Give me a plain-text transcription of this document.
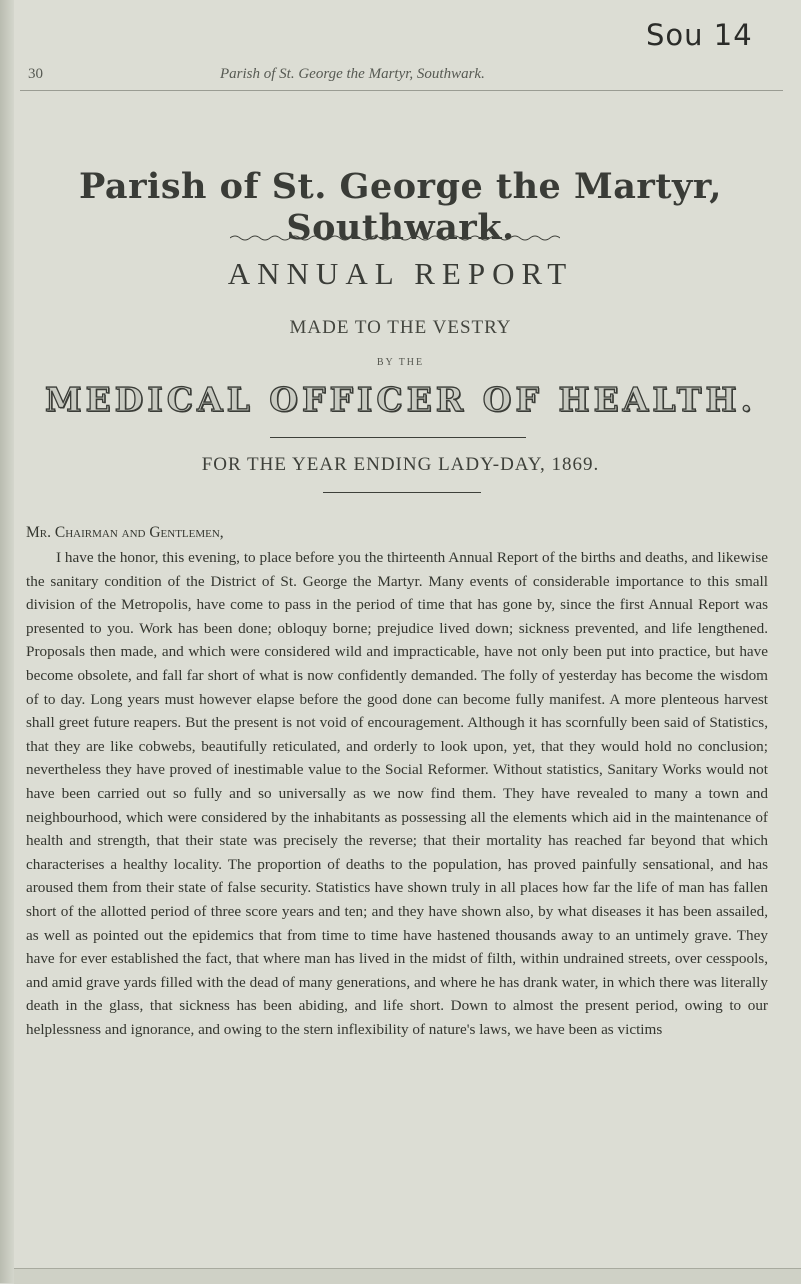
Sou 14
30	Parish of St. George the Martyr, Southwark.
Parish of St. George the Martyr, Southwark.
ANNUAL REPORT
MADE TO THE VESTRY
BY THE
MEDICAL OFFICER OF HEALTH.
FOR THE YEAR ENDING LADY-DAY, 1869.
Mr. Chairman and Gentlemen,

I have the honor, this evening, to place before you the thirteenth Annual Report of the births and deaths, and likewise the sanitary condition of the District of St. George the Martyr. Many events of considerable importance to this small division of the Metropolis, have come to pass in the period of time that has gone by, since the first Annual Report was presented to you. Work has been done; obloquy borne; prejudice lived down; sickness prevented, and life lengthened. Proposals then made, and which were considered wild and impracticable, have not only been put into practice, but have become obsolete, and fall far short of what is now confidently demanded. The folly of yesterday has become the wisdom of to day. Long years must however elapse before the good done can become fully manifest. A more plenteous harvest shall greet future reapers. But the present is not void of encouragement. Although it has scornfully been said of Statistics, that they are like cobwebs, beautifully reticulated, and orderly to look upon, yet, that they would hold no conclusion; nevertheless they have proved of inestimable value to the Social Reformer. Without statistics, Sanitary Works would not have been carried out so fully and so universally as we now find them. They have revealed to many a town and neighbourhood, which were considered by the inhabitants as possessing all the elements which aid in the maintenance of health and strength, that their state was precisely the reverse; that their mortality has reached far beyond that which characterises a healthy locality. The proportion of deaths to the population, has proved painfully sensational, and has aroused them from their state of false security. Statistics have shown truly in all places how far the life of man has fallen short of the allotted period of three score years and ten; and they have shown also, by what diseases it has been assailed, as well as pointed out the epidemics that from time to time have hastened thousands away to an untimely grave. They have for ever established the fact, that where man has lived in the midst of filth, within undrained streets, over cesspools, and amid grave yards filled with the dead of many generations, and where he has drank water, in which there was literally death in the glass, that sickness has been abiding, and life short. Down to almost the present period, owing to our helplessness and ignorance, and owing to the stern inflexibility of nature's laws, we have been as victims
